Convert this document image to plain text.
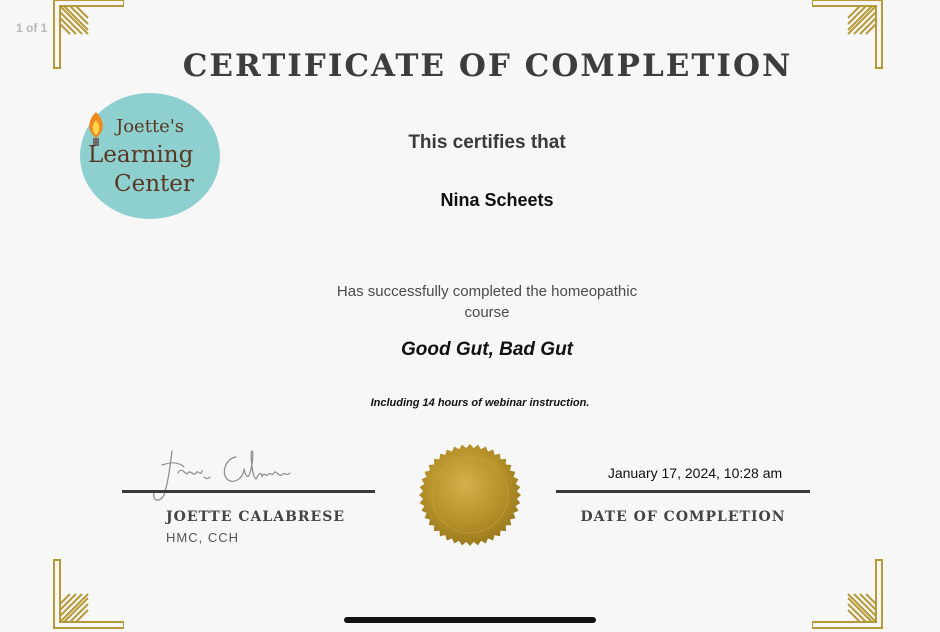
1 of 1
CERTIFICATE OF COMPLETION
Joette's
Learning
Center
This certifies that
Nina Scheets
Has successfully completed the homeopathic
course
Good Gut, Bad Gut
Including 14 hours of webinar instruction.
JOETTE CALABRESE
HMC, CCH
January 17, 2024, 10:28 am
DATE OF COMPLETION
